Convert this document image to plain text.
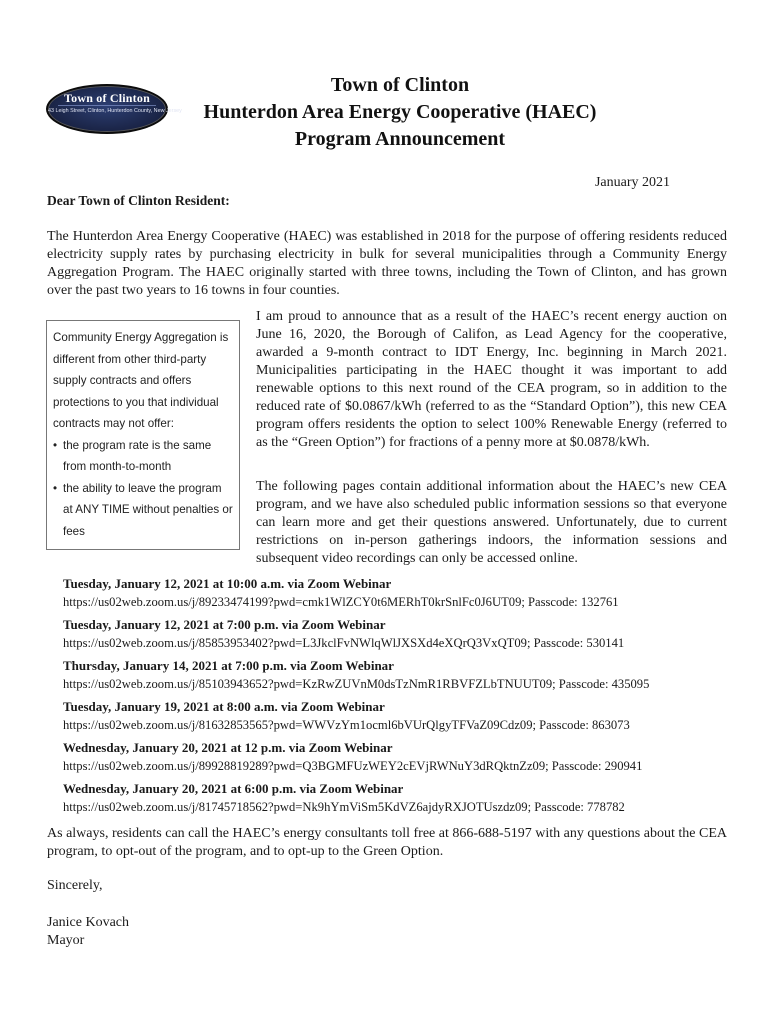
Town of Clinton
43 Leigh Street, Clinton, Hunterdon County, New Jersey
Town of Clinton
Hunterdon Area Energy Cooperative (HAEC)
Program Announcement
January 2021
Dear Town of Clinton Resident:
The Hunterdon Area Energy Cooperative (HAEC) was established in 2018 for the purpose of offering residents reduced electricity supply rates by purchasing electricity in bulk for several municipalities through a Community Energy Aggregation Program. The HAEC originally started with three towns, including the Town of Clinton, and has grown over the past two years to 16 towns in four counties.
Community Energy Aggregation is different from other third-party supply contracts and offers protections to you that individual contracts may not offer:
• the program rate is the same from month-to-month
• the ability to leave the program at ANY TIME without penalties or fees
I am proud to announce that as a result of the HAEC’s recent energy auction on June 16, 2020, the Borough of Califon, as Lead Agency for the cooperative, awarded a 9-month contract to IDT Energy, Inc. beginning in March 2021. Municipalities participating in the HAEC thought it was important to add renewable options to this next round of the CEA program, so in addition to the reduced rate of $0.0867/kWh (referred to as the “Standard Option”), this new CEA program offers residents the option to select 100% Renewable Energy (referred to as the “Green Option”) for fractions of a penny more at $0.0878/kWh.
The following pages contain additional information about the HAEC’s new CEA program, and we have also scheduled public information sessions so that everyone can learn more and get their questions answered. Unfortunately, due to current restrictions on in-person gatherings indoors, the information sessions and subsequent video recordings can only be accessed online.
Tuesday, January 12, 2021 at 10:00 a.m. via Zoom Webinar
https://us02web.zoom.us/j/89233474199?pwd=cmk1WlZCY0t6MERhT0krSnlFc0J6UT09; Passcode: 132761
Tuesday, January 12, 2021 at 7:00 p.m. via Zoom Webinar
https://us02web.zoom.us/j/85853953402?pwd=L3JkclFvNWlqWlJXSXd4eXQrQ3VxQT09; Passcode: 530141
Thursday, January 14, 2021 at 7:00 p.m. via Zoom Webinar
https://us02web.zoom.us/j/85103943652?pwd=KzRwZUVnM0dsTzNmR1RBVFZLbTNUUT09; Passcode: 435095
Tuesday, January 19, 2021 at 8:00 a.m. via Zoom Webinar
https://us02web.zoom.us/j/81632853565?pwd=WWVzYm1ocml6bVUrQlgyTFVaZ09Cdz09; Passcode: 863073
Wednesday, January 20, 2021 at 12 p.m. via Zoom Webinar
https://us02web.zoom.us/j/89928819289?pwd=Q3BGMFUzWEY2cEVjRWNuY3dRQktnZz09; Passcode: 290941
Wednesday, January 20, 2021 at 6:00 p.m. via Zoom Webinar
https://us02web.zoom.us/j/81745718562?pwd=Nk9hYmViSm5KdVZ6ajdyRXJOTUszdz09; Passcode: 778782
As always, residents can call the HAEC’s energy consultants toll free at 866-688-5197 with any questions about the CEA program, to opt-out of the program, and to opt-up to the Green Option.
Sincerely,
Janice Kovach
Mayor
